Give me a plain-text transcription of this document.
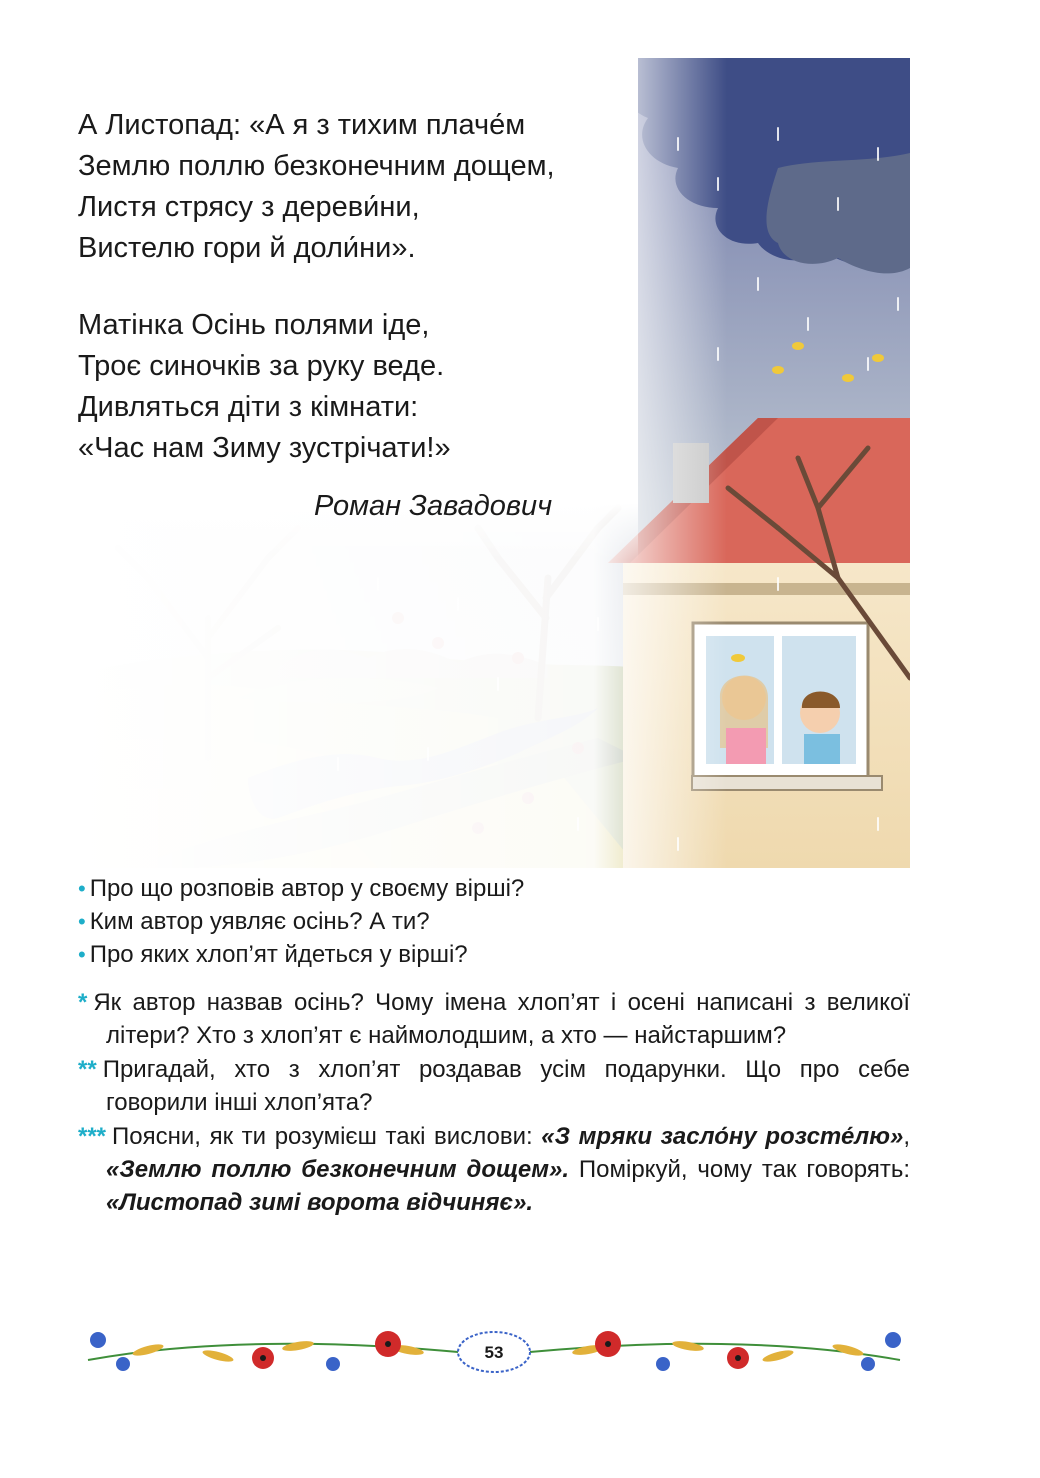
А Листопад: «А я з тихим плаче́м
Землю поллю безконечним дощем,
Листя стрясу з дереви́ни,
Вистелю гори й доли́ни».
Матінка Осінь полями іде,
Троє синочків за руку веде.
Дивляться діти з кімнати:
«Час нам Зиму зустрічати!»
Роман Завадович
• Про що розповів автор у своєму вірші?
• Ким автор уявляє осінь? А ти?
• Про яких хлоп’ят йдеться у вірші?
* Як автор назвав осінь? Чому імена хлоп’ят і осені написані з великої літери? Хто з хлоп’ят є наймолодшим, а хто — найстаршим?
** Пригадай, хто з хлоп’ят роздавав усім подарунки. Що про себе говорили інші хлоп’ята?
*** Поясни, як ти розумієш такі вислови: «З мряки засло́ну розсте́лю», «Землю поллю безконечним дощем». Поміркуй, чому так говорять: «Листопад зимі ворота відчиняє».
53
